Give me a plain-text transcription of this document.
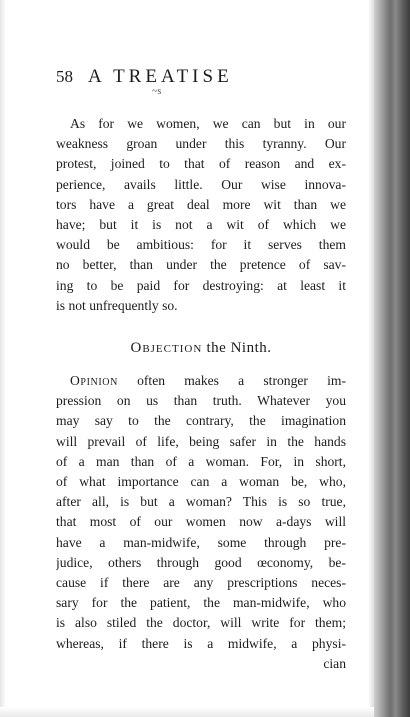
58 A TREATISE
~s

As for we women, we can but in our
weakness groan under this tyranny. Our
protest, joined to that of reason and ex-
perience, avails little. Our wise innova-
tors have a great deal more wit than we
have; but it is not a wit of which we
would be ambitious: for it serves them
no better, than under the pretence of sav-
ing to be paid for destroying: at least it
is not unfrequently so.

Objection the Ninth.

Opinion often makes a stronger im-
pression on us than truth. Whatever you
may say to the contrary, the imagination
will prevail of life, being safer in the hands
of a man than of a woman. For, in short,
of what importance can a woman be, who,
after all, is but a woman? This is so true,
that most of our women now a-days will
have a man-midwife, some through pre-
judice, others through good œconomy, be-
cause if there are any prescriptions neces-
sary for the patient, the man-midwife, who
is also stiled the doctor, will write for them;
whereas, if there is a midwife, a physi-

cian
